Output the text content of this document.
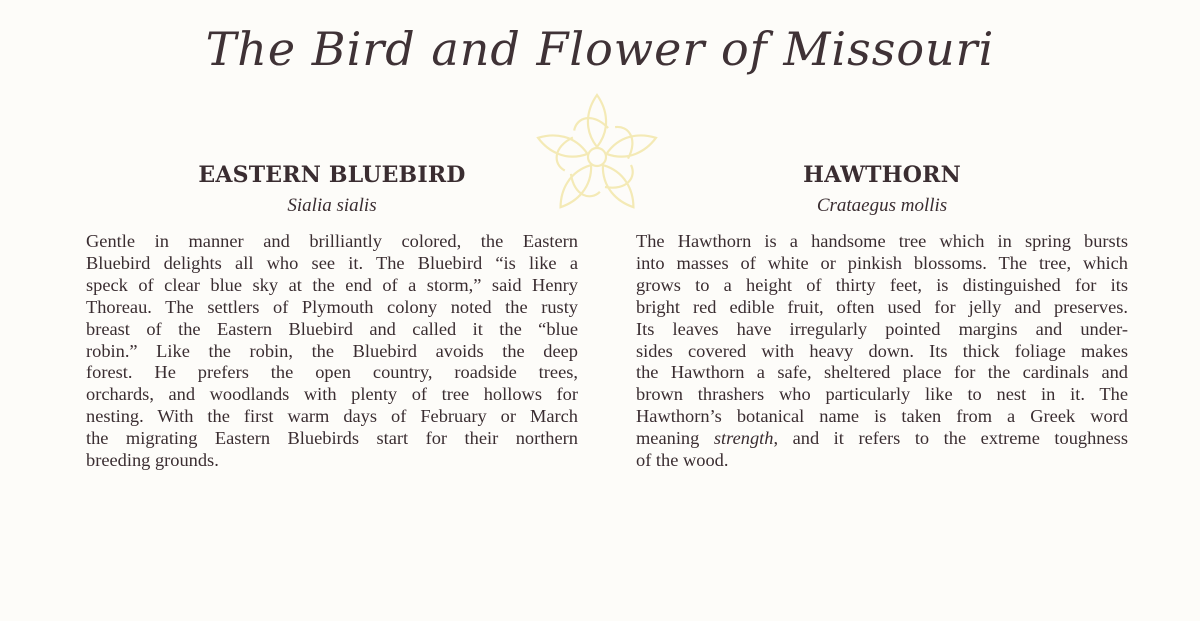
The Bird and Flower of Missouri
EASTERN BLUEBIRD
Sialia sialis
Gentle in manner and brilliantly colored, the Eastern
Bluebird delights all who see it. The Bluebird “is like a
speck of clear blue sky at the end of a storm,” said Henry
Thoreau. The settlers of Plymouth colony noted the rusty
breast of the Eastern Bluebird and called it the “blue
robin.” Like the robin, the Bluebird avoids the deep
forest. He prefers the open country, roadside trees,
orchards, and woodlands with plenty of tree hollows for
nesting. With the first warm days of February or March
the migrating Eastern Bluebirds start for their northern
breeding grounds.
HAWTHORN
Crataegus mollis
The Hawthorn is a handsome tree which in spring bursts
into masses of white or pinkish blossoms. The tree, which
grows to a height of thirty feet, is distinguished for its
bright red edible fruit, often used for jelly and preserves.
Its leaves have irregularly pointed margins and under-
sides covered with heavy down. Its thick foliage makes
the Hawthorn a safe, sheltered place for the cardinals and
brown thrashers who particularly like to nest in it. The
Hawthorn’s botanical name is taken from a Greek word
meaning strength, and it refers to the extreme toughness
of the wood.
